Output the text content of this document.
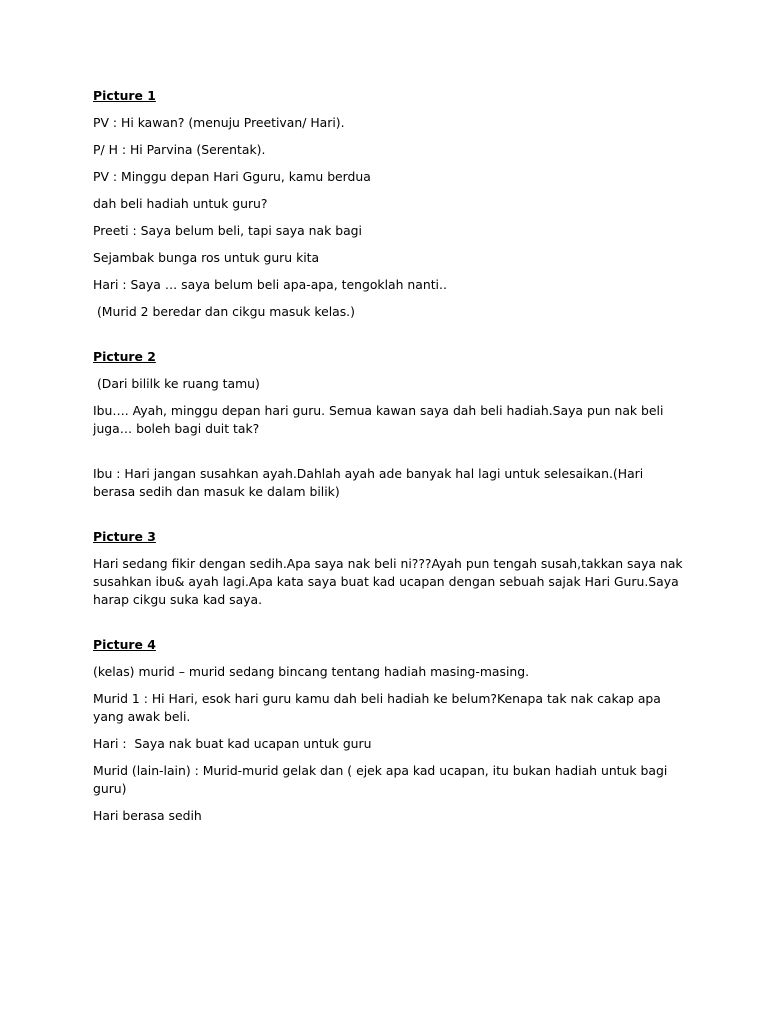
Picture 1
PV : Hi kawan? (menuju Preetivan/ Hari).
P/ H : Hi Parvina (Serentak).
PV : Minggu depan Hari Gguru, kamu berdua
dah beli hadiah untuk guru?
Preeti : Saya belum beli, tapi saya nak bagi
Sejambak bunga ros untuk guru kita
Hari : Saya … saya belum beli apa-apa, tengoklah nanti..
(Murid 2 beredar dan cikgu masuk kelas.)
Picture 2
(Dari bililk ke ruang tamu)
Ibu…. Ayah, minggu depan hari guru. Semua kawan saya dah beli hadiah.Saya pun nak beli juga… boleh bagi duit tak?
Ibu : Hari jangan susahkan ayah.Dahlah ayah ade banyak hal lagi untuk selesaikan.(Hari berasa sedih dan masuk ke dalam bilik)
Picture 3
Hari sedang fikir dengan sedih.Apa saya nak beli ni???Ayah pun tengah susah,takkan saya nak susahkan ibu& ayah lagi.Apa kata saya buat kad ucapan dengan sebuah sajak Hari Guru.Saya harap cikgu suka kad saya.
Picture 4
(kelas) murid – murid sedang bincang tentang hadiah masing-masing.
Murid 1 : Hi Hari, esok hari guru kamu dah beli hadiah ke belum?Kenapa tak nak cakap apa yang awak beli.
Hari :  Saya nak buat kad ucapan untuk guru
Murid (lain-lain) : Murid-murid gelak dan ( ejek apa kad ucapan, itu bukan hadiah untuk bagi guru)
Hari berasa sedih
